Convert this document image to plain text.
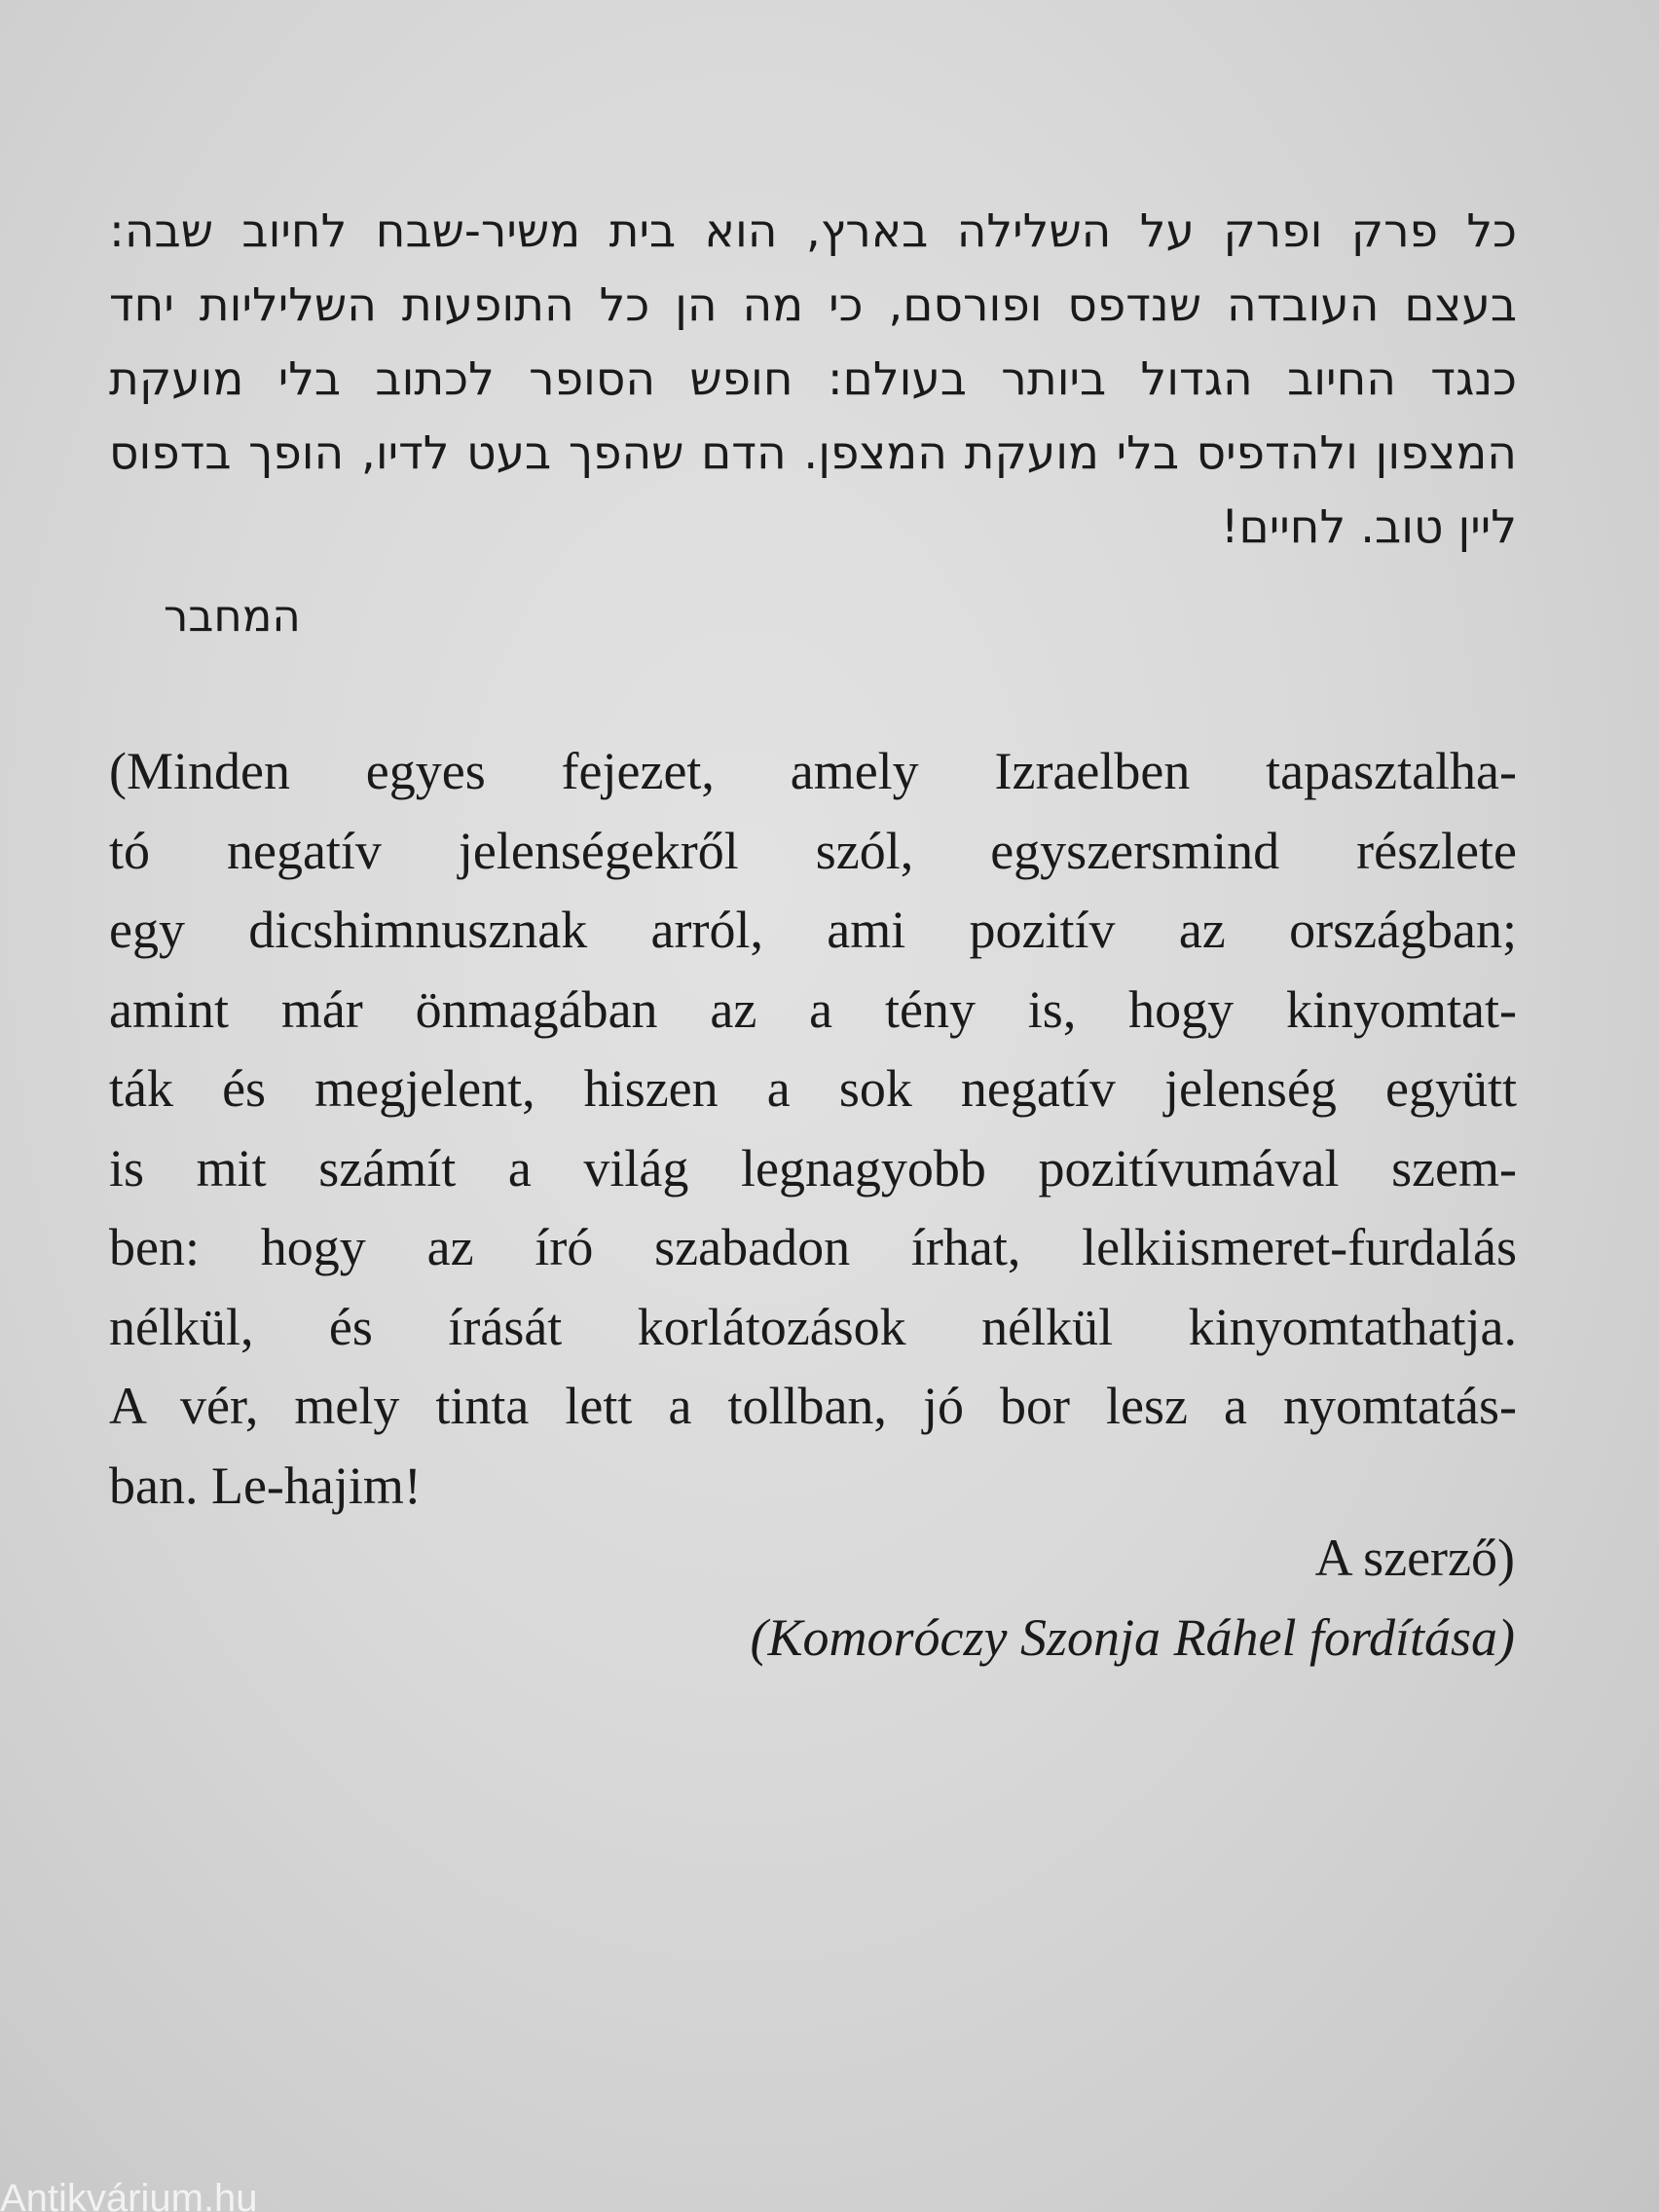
כל פרק ופרק על השלילה בארץ, הוא בית משיר-שבח לחיוב שבה:
בעצם העובדה שנדפס ופורסם, כי מה הן כל התופעות השליליות יחד
כנגד החיוב הגדול ביותר בעולם: חופש הסופר לכתוב בלי מועקת
המצפון ולהדפיס בלי מועקת המצפן. הדם שהפך בעט לדיו, הופך בדפוס
ליין טוב. לחיים!
המחבר
(Minden egyes fejezet, amely Izraelben tapasztalha-
tó negatív jelenségekről szól, egyszersmind részlete
egy dicshimnusznak arról, ami pozitív az országban;
amint már önmagában az a tény is, hogy kinyomtat-
ták és megjelent, hiszen a sok negatív jelenség együtt
is mit számít a világ legnagyobb pozitívumával szem-
ben: hogy az író szabadon írhat, lelkiismeret-furdalás
nélkül, és írását korlátozások nélkül kinyomtathatja.
A vér, mely tinta lett a tollban, jó bor lesz a nyomtatás-
ban. Le-hajim!
A szerző)
(Komoróczy Szonja Ráhel fordítása)
Antikvárium.hu
